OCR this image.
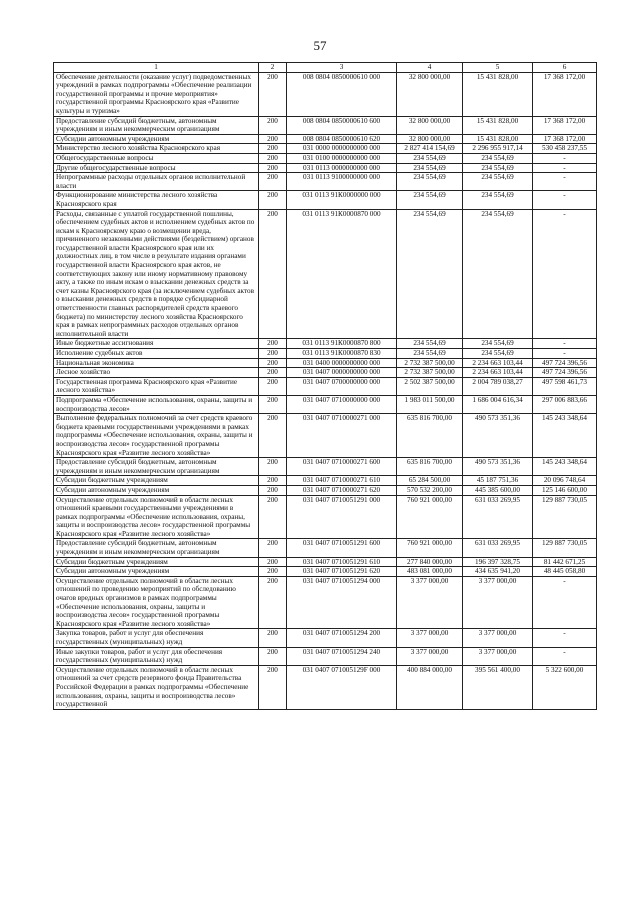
57
1	2	3	4	5	6
Обеспечение деятельности (оказание услуг) подведомственных учреждений в рамках подпрограммы «Обеспечение реализации государственной программы и прочие мероприятия» государственной программы Красноярского края «Развитие культуры и туризма»	200	008 0804 0850000610 000	32 800 000,00	15 431 828,00	17 368 172,00
Предоставление субсидий бюджетным, автономным учреждениям и иным некоммерческим организациям	200	008 0804 0850000610 600	32 800 000,00	15 431 828,00	17 368 172,00
Субсидии автономным учреждениям	200	008 0804 0850000610 620	32 800 000,00	15 431 828,00	17 368 172,00
Министерство лесного хозяйства Красноярского края	200	031 0000 0000000000 000	2 827 414 154,69	2 296 955 917,14	530 458 237,55
Общегосударственные вопросы	200	031 0100 0000000000 000	234 554,69	234 554,69	-
Другие общегосударственные вопросы	200	031 0113 0000000000 000	234 554,69	234 554,69	-
Непрограммные расходы отдельных органов исполнительной власти	200	031 0113 9100000000 000	234 554,69	234 554,69	-
Функционирование министерства лесного хозяйства Красноярского края	200	031 0113 91К0000000 000	234 554,69	234 554,69	-
Расходы, связанные с уплатой государственной пошлины, обеспечением судебных актов и исполнением судебных актов по искам к Красноярскому краю о возмещении вреда, причиненного незаконными действиями (бездействием) органов государственной власти Красноярского края или их должностных лиц, в том числе в результате издания органами государственной власти Красноярского края актов, не соответствующих закону или иному нормативному правовому акту, а также по иным искам о взыскании денежных средств за счет казны Красноярского края (за исключением судебных актов о взыскании денежных средств в порядке субсидиарной ответственности главных распорядителей средств краевого бюджета) по министерству лесного хозяйства Красноярского края в рамках непрограммных расходов отдельных органов исполнительной власти	200	031 0113 91К0000870 000	234 554,69	234 554,69	-
Иные бюджетные ассигнования	200	031 0113 91К0000870 800	234 554,69	234 554,69	-
Исполнение судебных актов	200	031 0113 91К0000870 830	234 554,69	234 554,69	-
Национальная экономика	200	031 0400 0000000000 000	2 732 387 500,00	2 234 663 103,44	497 724 396,56
Лесное хозяйство	200	031 0407 0000000000 000	2 732 387 500,00	2 234 663 103,44	497 724 396,56
Государственная программа Красноярского края «Развитие лесного хозяйства»	200	031 0407 0700000000 000	2 502 387 500,00	2 004 789 038,27	497 598 461,73
Подпрограмма «Обеспечение использования, охраны, защиты и воспроизводства лесов»	200	031 0407 0710000000 000	1 983 011 500,00	1 686 004 616,34	297 006 883,66
Выполнение федеральных полномочий за счет средств краевого бюджета краевыми государственными учреждениями в рамках подпрограммы «Обеспечение использования, охраны, защиты и воспроизводства лесов» государственной программы Красноярского края «Развитие лесного хозяйства»	200	031 0407 0710000271 000	635 816 700,00	490 573 351,36	145 243 348,64
Предоставление субсидий бюджетным, автономным учреждениям и иным некоммерческим организациям	200	031 0407 0710000271 600	635 816 700,00	490 573 351,36	145 243 348,64
Субсидии бюджетным учреждениям	200	031 0407 0710000271 610	65 284 500,00	45 187 751,36	20 096 748,64
Субсидии автономным учреждениям	200	031 0407 0710000271 620	570 532 200,00	445 385 600,00	125 146 600,00
Осуществление отдельных полномочий в области лесных отношений краевыми государственными учреждениями в рамках подпрограммы «Обеспечение использования, охраны, защиты и воспроизводства лесов» государственной программы Красноярского края «Развитие лесного хозяйства»	200	031 0407 0710051291 000	760 921 000,00	631 033 269,95	129 887 730,05
Предоставление субсидий бюджетным, автономным учреждениям и иным некоммерческим организациям	200	031 0407 0710051291 600	760 921 000,00	631 033 269,95	129 887 730,05
Субсидии бюджетным учреждениям	200	031 0407 0710051291 610	277 840 000,00	196 397 328,75	81 442 671,25
Субсидии автономным учреждениям	200	031 0407 0710051291 620	483 081 000,00	434 635 941,20	48 445 058,80
Осуществление отдельных полномочий в области лесных отношений по проведению мероприятий по обследованию очагов вредных организмов в рамках подпрограммы «Обеспечение использования, охраны, защиты и воспроизводства лесов» государственной программы Красноярского края «Развитие лесного хозяйства»	200	031 0407 0710051294 000	3 377 000,00	3 377 000,00	-
Закупка товаров, работ и услуг для обеспечения государственных (муниципальных) нужд	200	031 0407 0710051294 200	3 377 000,00	3 377 000,00	-
Иные закупки товаров, работ и услуг для обеспечения государственных (муниципальных) нужд	200	031 0407 0710051294 240	3 377 000,00	3 377 000,00	-
Осуществление отдельных полномочий в области лесных отношений за счет средств резервного фонда Правительства Российской Федерации в рамках подпрограммы «Обеспечение использования, охраны, защиты и воспроизводства лесов» государственной	200	031 0407 071005129F 000	400 884 000,00	395 561 400,00	5 322 600,00
